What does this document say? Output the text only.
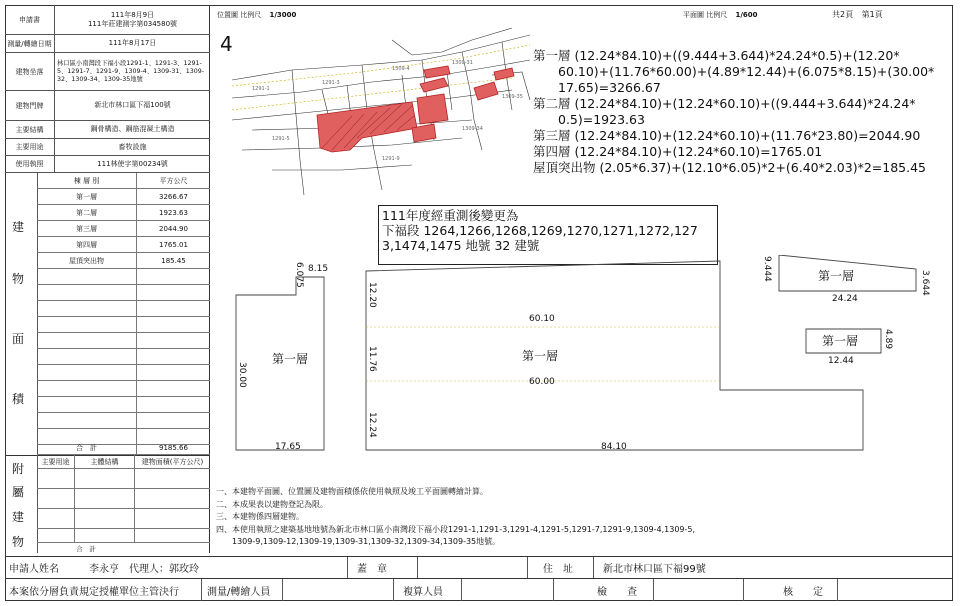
申請書
111年8月9日
111年莊建測字第034580號
測量/轉繪日期	111年8月17日
建物坐落
林口區小南灣段下福小段1291-1、1291-3、1291-5、1291-7、1291-9、1309-4、1309-31、1309-32、1309-34、1309-35地號
建物門牌	新北市林口區下福100號
主要結構	鋼骨構造、鋼筋混凝土構造
主要用途	畜牧設施
使用執照	111林使字第00234號
建
物
面
積
棟 層 別	平方公尺
第一層	3266.67
第二層	1923.63
第三層	2044.90
第四層	1765.01
屋頂突出物	185.45
合　計	9185.66
附
屬
建
物
主要用途	主體結構	建物面積(平方公尺)
合　計
位置圖 比例尺 1/3000	平面圖 比例尺 1/600	共2頁 第1頁
4
1291-1
1291-3
1309-4
1309-31
1291-5
1291-9
1309-34
1309-35
第一層 (12.24*84.10)+((9.444+3.644)*24.24*0.5)+(12.20*
　　60.10)+(11.76*60.00)+(4.89*12.44)+(6.075*8.15)+(30.00*
　　17.65)=3266.67
第二層 (12.24*84.10)+(12.24*60.10)+((9.444+3.644)*24.24*
　　0.5)=1923.63
第三層 (12.24*84.10)+(12.24*60.10)+(11.76*23.80)=2044.90
第四層 (12.24*84.10)+(12.24*60.10)=1765.01
屋頂突出物 (2.05*6.37)+(12.10*6.05)*2+(6.40*2.03)*2=185.45
111年度經重測後變更為
下福段 1264,1266,1268,1269,1270,1271,1272,127
3,1474,1475 地號 32 建號
8.15
6.075
30.00
17.65
第一層
12.20
60.10
11.76
60.00
12.24
84.10
第一層
9.444
3.644
第一層
24.24
第一層	4.89
12.44
一、本建物平面圖、位置圖及建物面積係依使用執照及竣工平面圖轉繪計算。
二、本成果表以建物登記為限。
三、本建物係四層建物。
四、本使用執照之建築基地地號為新北市林口區小南灣段下福小段1291-1,1291-3,1291-4,1291-5,1291-7,1291-9,1309-4,1309-5,
　　1309-9,1309-12,1309-19,1309-31,1309-32,1309-34,1309-35地號。
申請人姓名	李永亨　代理人：郭玫玲	蓋　章	住　址	新北市林口區下福99號
本案依分層負責規定授權單位主管決行	測量/轉繪人員	複算人員	檢　　查	核　　定
